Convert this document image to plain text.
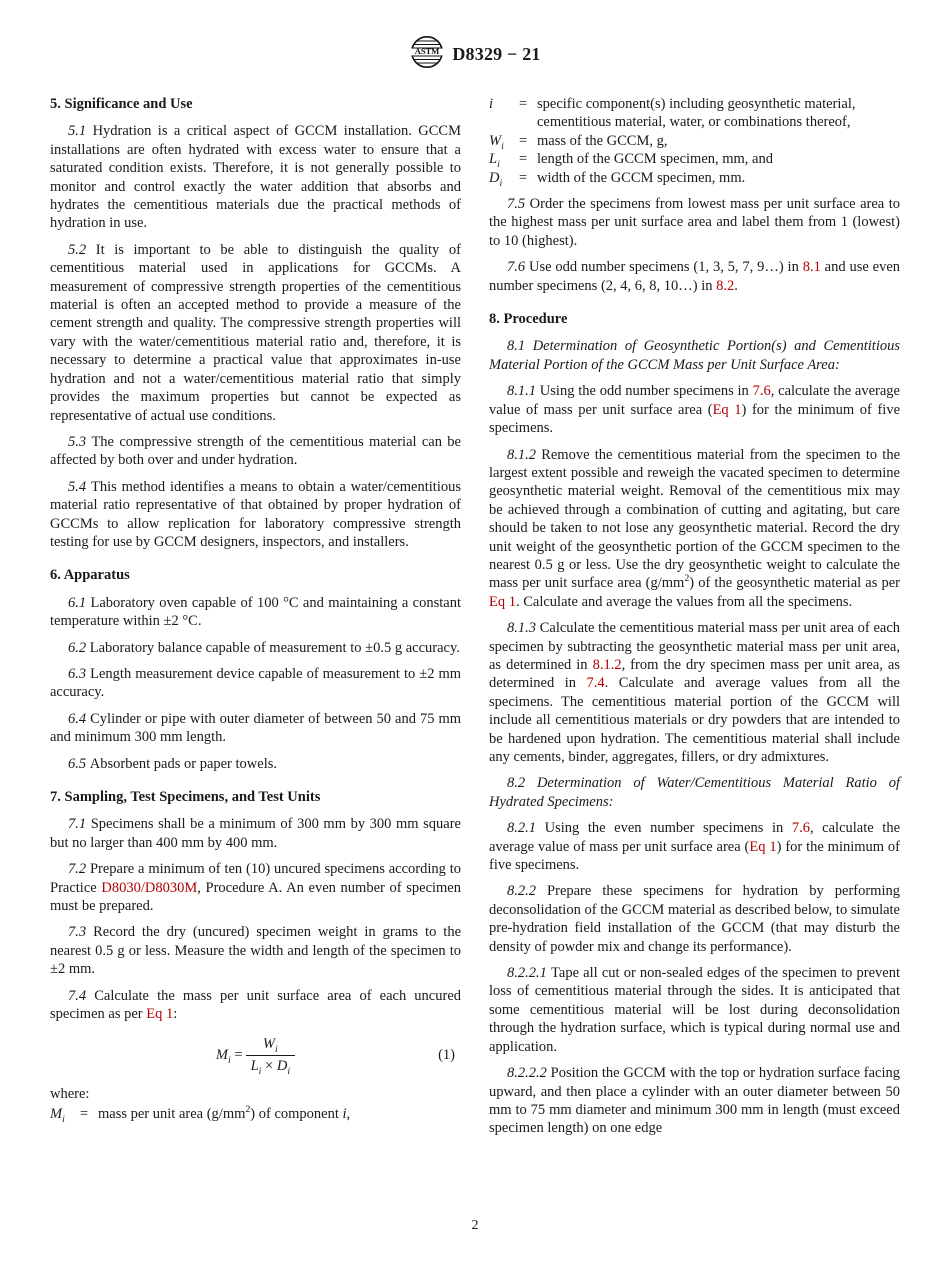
ASTM D8329 − 21
5. Significance and Use

5.1 Hydration is a critical aspect of GCCM installation. GCCM installations are often hydrated with excess water to ensure that a saturated condition exists. Therefore, it is not generally possible to monitor and control exactly the water addition that absorbs and hydrates the cementitious materials due the practical methods of hydration in use.

5.2 It is important to be able to distinguish the quality of cementitious material used in applications for GCCMs. A measurement of compressive strength properties of the cementitious material is often an accepted method to provide a measure of the cement strength and quality. The compressive strength properties will vary with the water/cementitious material ratio and, therefore, it is necessary to determine a practical value that approximates in-use hydration and not a water/cementitious material ratio that simply provides the maximum properties but cannot be expected as representative of actual use conditions.

5.3 The compressive strength of the cementitious material can be affected by both over and under hydration.

5.4 This method identifies a means to obtain a water/cementitious material ratio representative of that obtained by proper hydration of GCCMs to allow replication for laboratory compressive strength testing for use by GCCM designers, inspectors, and installers.

6. Apparatus

6.1 Laboratory oven capable of 100 °C and maintaining a constant temperature within ±2 °C.

6.2 Laboratory balance capable of measurement to ±0.5 g accuracy.

6.3 Length measurement device capable of measurement to ±2 mm accuracy.

6.4 Cylinder or pipe with outer diameter of between 50 and 75 mm and minimum 300 mm length.

6.5 Absorbent pads or paper towels.

7. Sampling, Test Specimens, and Test Units

7.1 Specimens shall be a minimum of 300 mm by 300 mm square but no larger than 400 mm by 400 mm.

7.2 Prepare a minimum of ten (10) uncured specimens according to Practice D8030/D8030M, Procedure A. An even number of specimen must be prepared.

7.3 Record the dry (uncured) specimen weight in grams to the nearest 0.5 g or less. Measure the width and length of the specimen to ±2 mm.

7.4 Calculate the mass per unit surface area of each uncured specimen as per Eq 1:

$M_i = \frac{W_i}{L_i \times D_i}$	(1)

where:

$M_i$	= mass per unit area $(g/mm^2)$ of component i,
i	= specific component(s) including geosynthetic material, cementitious material, water, or combinations thereof,
$W_i$	= mass of the GCCM, g,
$L_i$	= length of the GCCM specimen, mm, and
$D_i$	= width of the GCCM specimen, mm.

7.5 Order the specimens from lowest mass per unit surface area to the highest mass per unit surface area and label them from 1 (lowest) to 10 (highest).

7.6 Use odd number specimens (1, 3, 5, 7, 9…) in 8.1 and use even number specimens (2, 4, 6, 8, 10…) in 8.2.

8. Procedure

8.1 Determination of Geosynthetic Portion(s) and Cementitious Material Portion of the GCCM Mass per Unit Surface Area:

8.1.1 Using the odd number specimens in 7.6, calculate the average value of mass per unit surface area (Eq 1) for the minimum of five specimens.

8.1.2 Remove the cementitious material from the specimen to the largest extent possible and reweigh the vacated specimen to determine geosynthetic material weight. Removal of the cementitious mix may be achieved through a combination of cutting and agitating, but care should be taken to not lose any geosynthetic material. Record the dry unit weight of the geosynthetic portion of the GCCM specimen to the nearest 0.5 g or less. Use the dry geosynthetic weight to calculate the mass per unit surface area $(g/mm^2)$ of the geosynthetic material as per Eq 1. Calculate and average the values from all the specimens.

8.1.3 Calculate the cementitious material mass per unit area of each specimen by subtracting the geosynthetic material mass per unit area, as determined in 8.1.2, from the dry specimen mass per unit area, as determined in 7.4. Calculate and average values from all the specimens. The cementitious material portion of the GCCM will include all cementitious materials or dry powders that are intended to be hardened upon hydration. The cementitious material shall include any cements, binder, aggregates, fillers, or dry admixtures.

8.2 Determination of Water/Cementitious Material Ratio of Hydrated Specimens:

8.2.1 Using the even number specimens in 7.6, calculate the average value of mass per unit surface area (Eq 1) for the minimum of five specimens.

8.2.2 Prepare these specimens for hydration by performing deconsolidation of the GCCM material as described below, to simulate pre-hydration field installation of the GCCM (that may disturb the density of powder mix and change its performance).

8.2.2.1 Tape all cut or non-sealed edges of the specimen to prevent loss of cementitious material through the sides. It is anticipated that some cementitious material will be lost during deconsolidation through the hydration surface, which is typical during normal use and application.

8.2.2.2 Position the GCCM with the top or hydration surface facing upward, and then place a cylinder with an outer diameter between 50 mm to 75 mm diameter and minimum 300 mm in length (must exceed specimen length) on one edge

2
